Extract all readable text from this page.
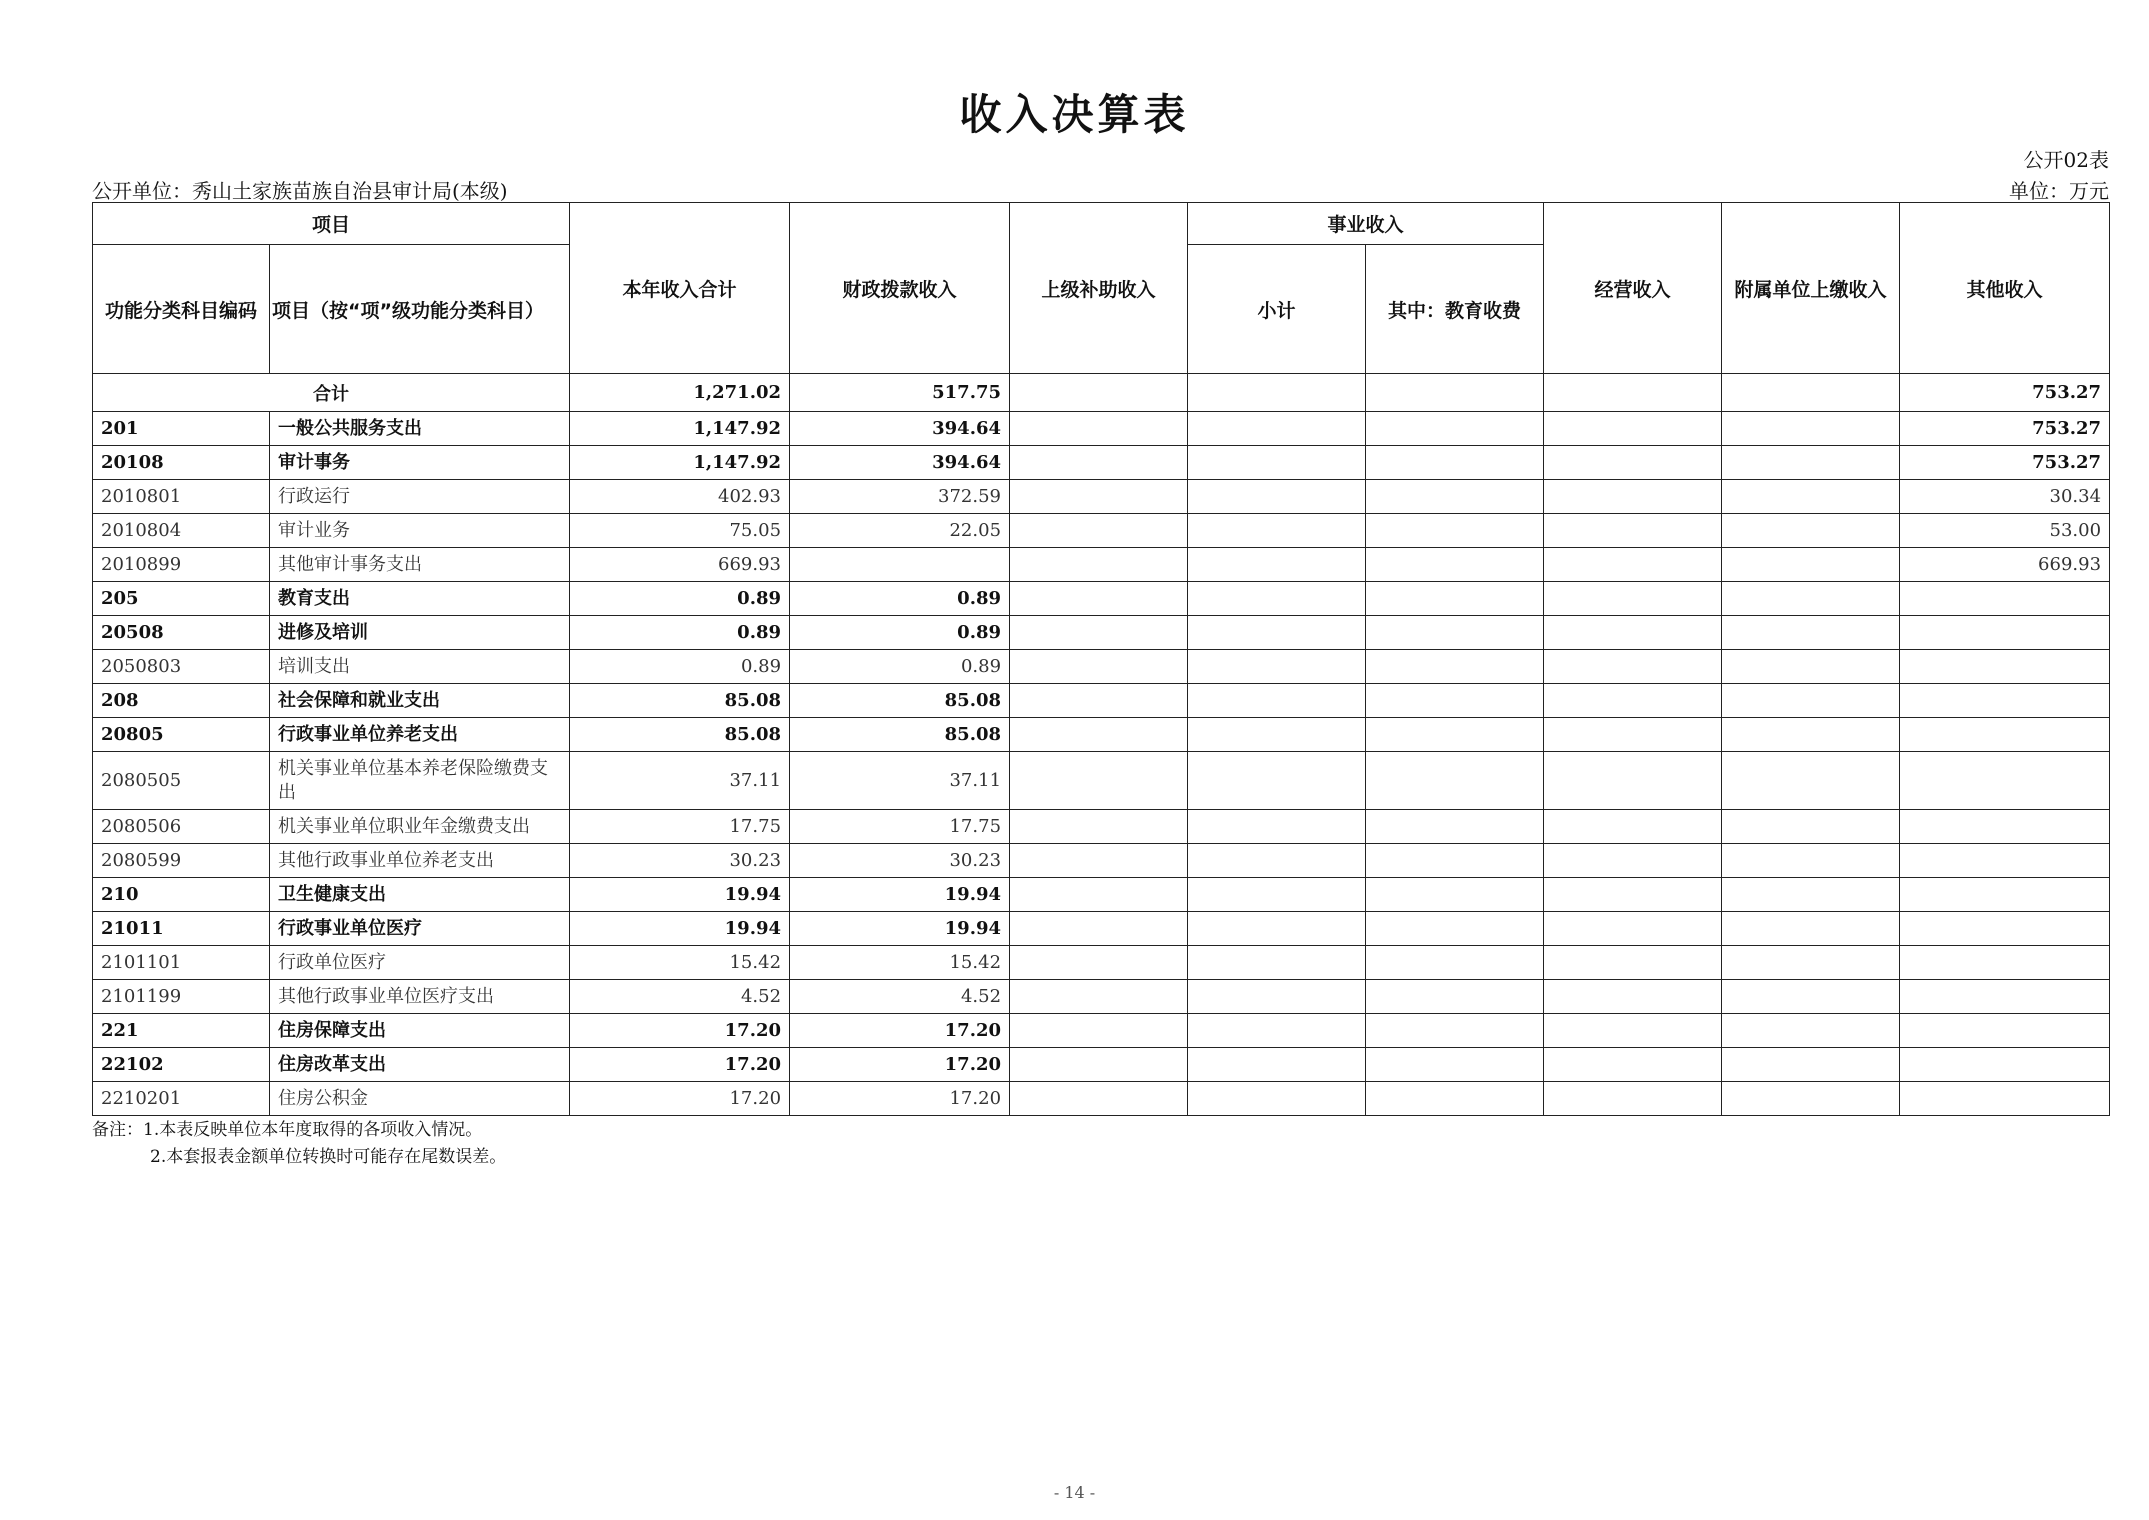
收入决算表
公开02表
公开单位：秀山土家族苗族自治县审计局(本级)	单位：万元
项目		本年收入合计	财政拨款收入	上级补助收入	事业收入		经营收入	附属单位上缴收入	其他收入
功能分类科目编码	项目（按“项”级功能分类科目）				小计	其中：教育收费			
合计		1,271.02	517.75						753.27
201	一般公共服务支出	1,147.92	394.64						753.27
20108	审计事务	1,147.92	394.64						753.27
2010801	行政运行	402.93	372.59						30.34
2010804	审计业务	75.05	22.05						53.00
2010899	其他审计事务支出	669.93							669.93
205	教育支出	0.89	0.89						
20508	进修及培训	0.89	0.89						
2050803	培训支出	0.89	0.89						
208	社会保障和就业支出	85.08	85.08						
20805	行政事业单位养老支出	85.08	85.08						
2080505	机关事业单位基本养老保险缴费支出	37.11	37.11						
2080506	机关事业单位职业年金缴费支出	17.75	17.75						
2080599	其他行政事业单位养老支出	30.23	30.23						
210	卫生健康支出	19.94	19.94						
21011	行政事业单位医疗	19.94	19.94						
2101101	行政单位医疗	15.42	15.42						
2101199	其他行政事业单位医疗支出	4.52	4.52						
221	住房保障支出	17.20	17.20						
22102	住房改革支出	17.20	17.20						
2210201	住房公积金	17.20	17.20						
备注：1.本表反映单位本年度取得的各项收入情况。
2.本套报表金额单位转换时可能存在尾数误差。
- 14 -
